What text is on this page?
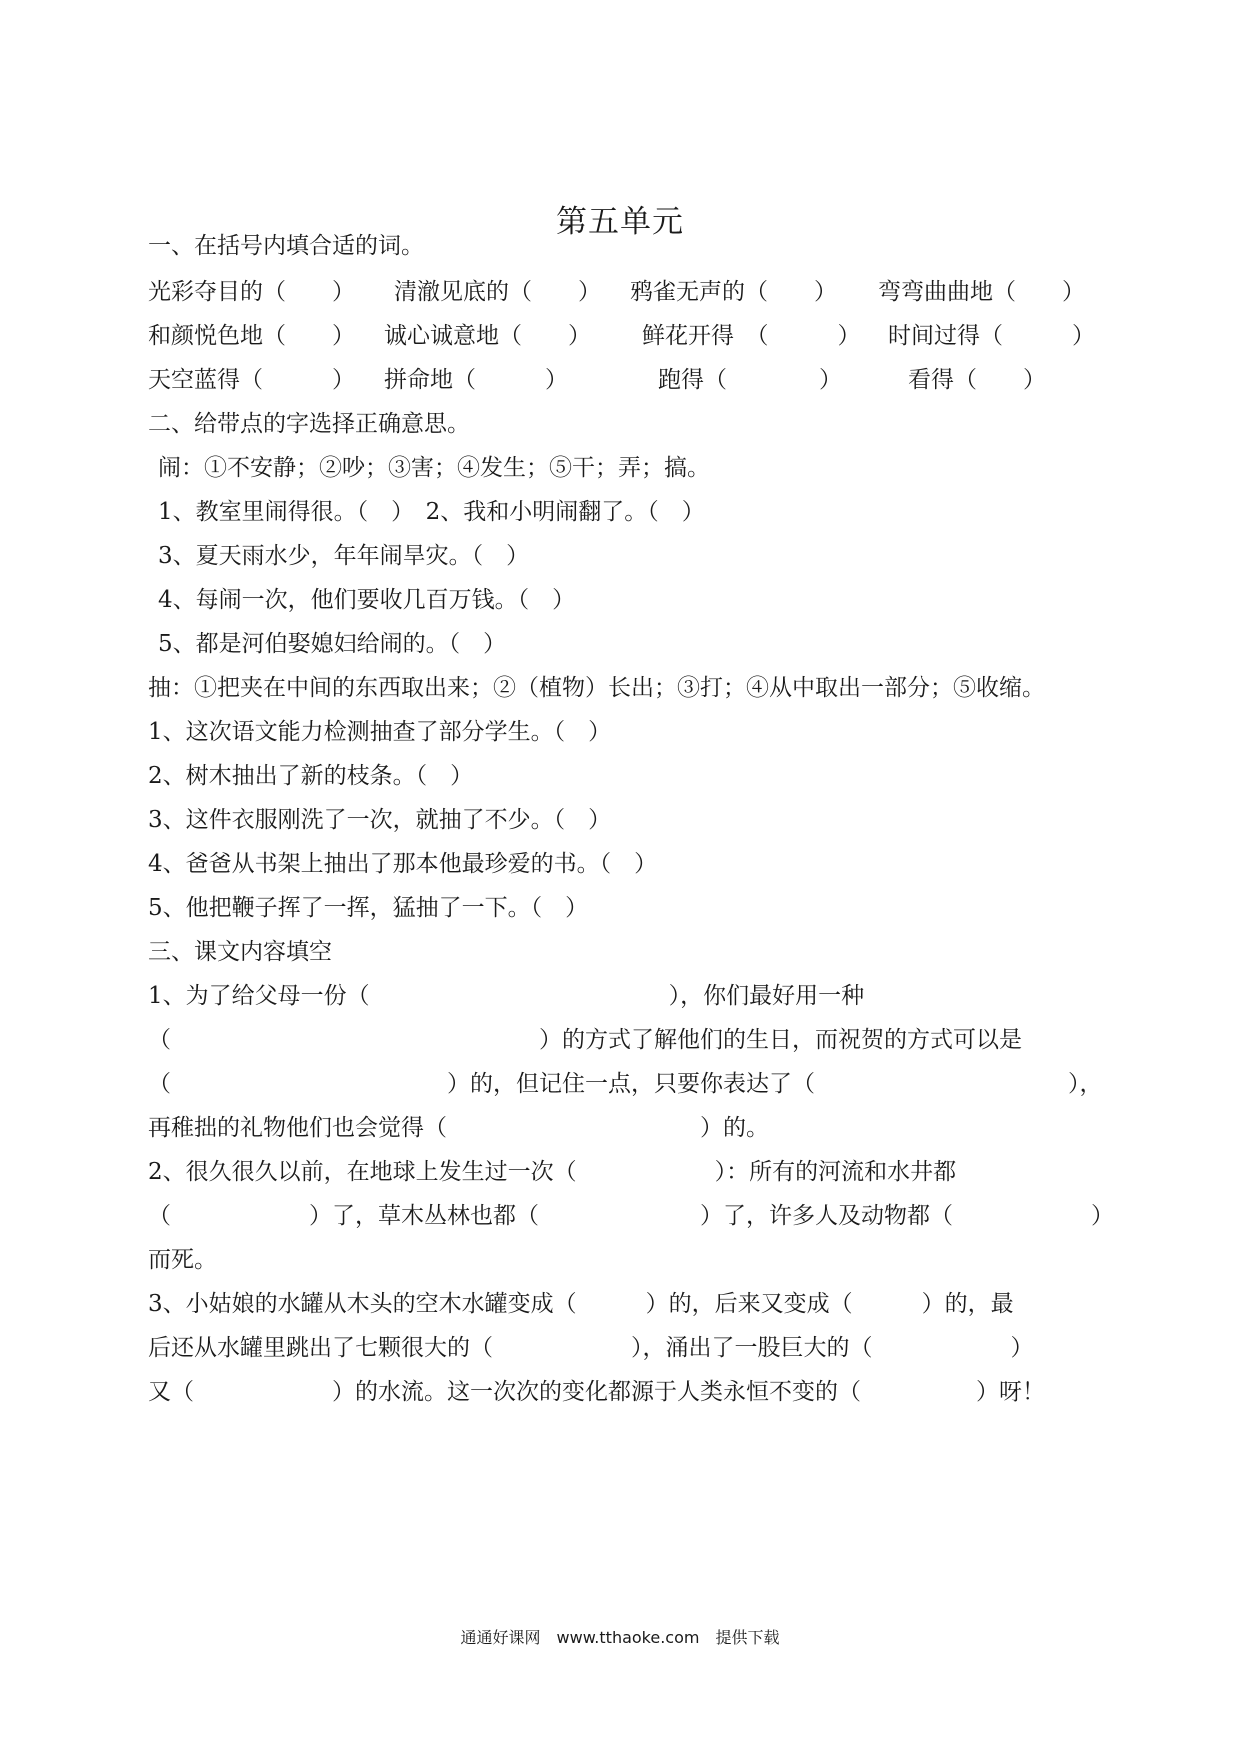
第五单元
一、在括号内填合适的词。

光彩夺目的（　　）

清澈见底的（　　）

鸦雀无声的（　　）

弯弯曲曲地（　　）

和颜悦色地（　　）

诚心诚意地（　　）

鲜花开得　（　　　）

时间过得（　　　）

天空蓝得（　　　）

拼命地（　　　）

	跑得（　　　　）

	看得（　　）

二、给带点的字选择正确意思。
闹：①不安静；②吵；③害；④发生；⑤干；弄；搞。
1、教室里闹得很。（　）　2、我和小明闹翻了。（　）
3、夏天雨水少，年年闹旱灾。（　）
4、每闹一次，他们要收几百万钱。（　）
5、都是河伯娶媳妇给闹的。（　）
抽：①把夹在中间的东西取出来；②（植物）长出；③打；④从中取出一部分；⑤收缩。
1、这次语文能力检测抽查了部分学生。（　）
2、树木抽出了新的枝条。（　）
3、这件衣服刚洗了一次，就抽了不少。（　）
4、爸爸从书架上抽出了那本他最珍爱的书。（　）
5、他把鞭子挥了一挥，猛抽了一下。（　）
三、课文内容填空
1、为了给父母一份（　　　　　　　　　　　　　），你们最好用一种
（　　　　　　　　　　　　　　　　）的方式了解他们的生日，而祝贺的方式可以是
（　　　　　　　　　　　　）的，但记住一点，只要你表达了（　　　　　　　　　　　），
再稚拙的礼物他们也会觉得（　　　　　　　　　　　）的。
2、很久很久以前，在地球上发生过一次（　　　　　　）：所有的河流和水井都
（　　　　　　）了，草木丛林也都（　　　　　　　）了，许多人及动物都（　　　　　　）
而死。
3、小姑娘的水罐从木头的空木水罐变成（　　　）的，后来又变成（　　　）的，最
后还从水罐里跳出了七颗很大的（　　　　　　），涌出了一股巨大的（　　　　　　）
又（　　　　　　）的水流。这一次次的变化都源于人类永恒不变的（　　　　　）呀！
通通好课网　www.tthaoke.com　提供下载
